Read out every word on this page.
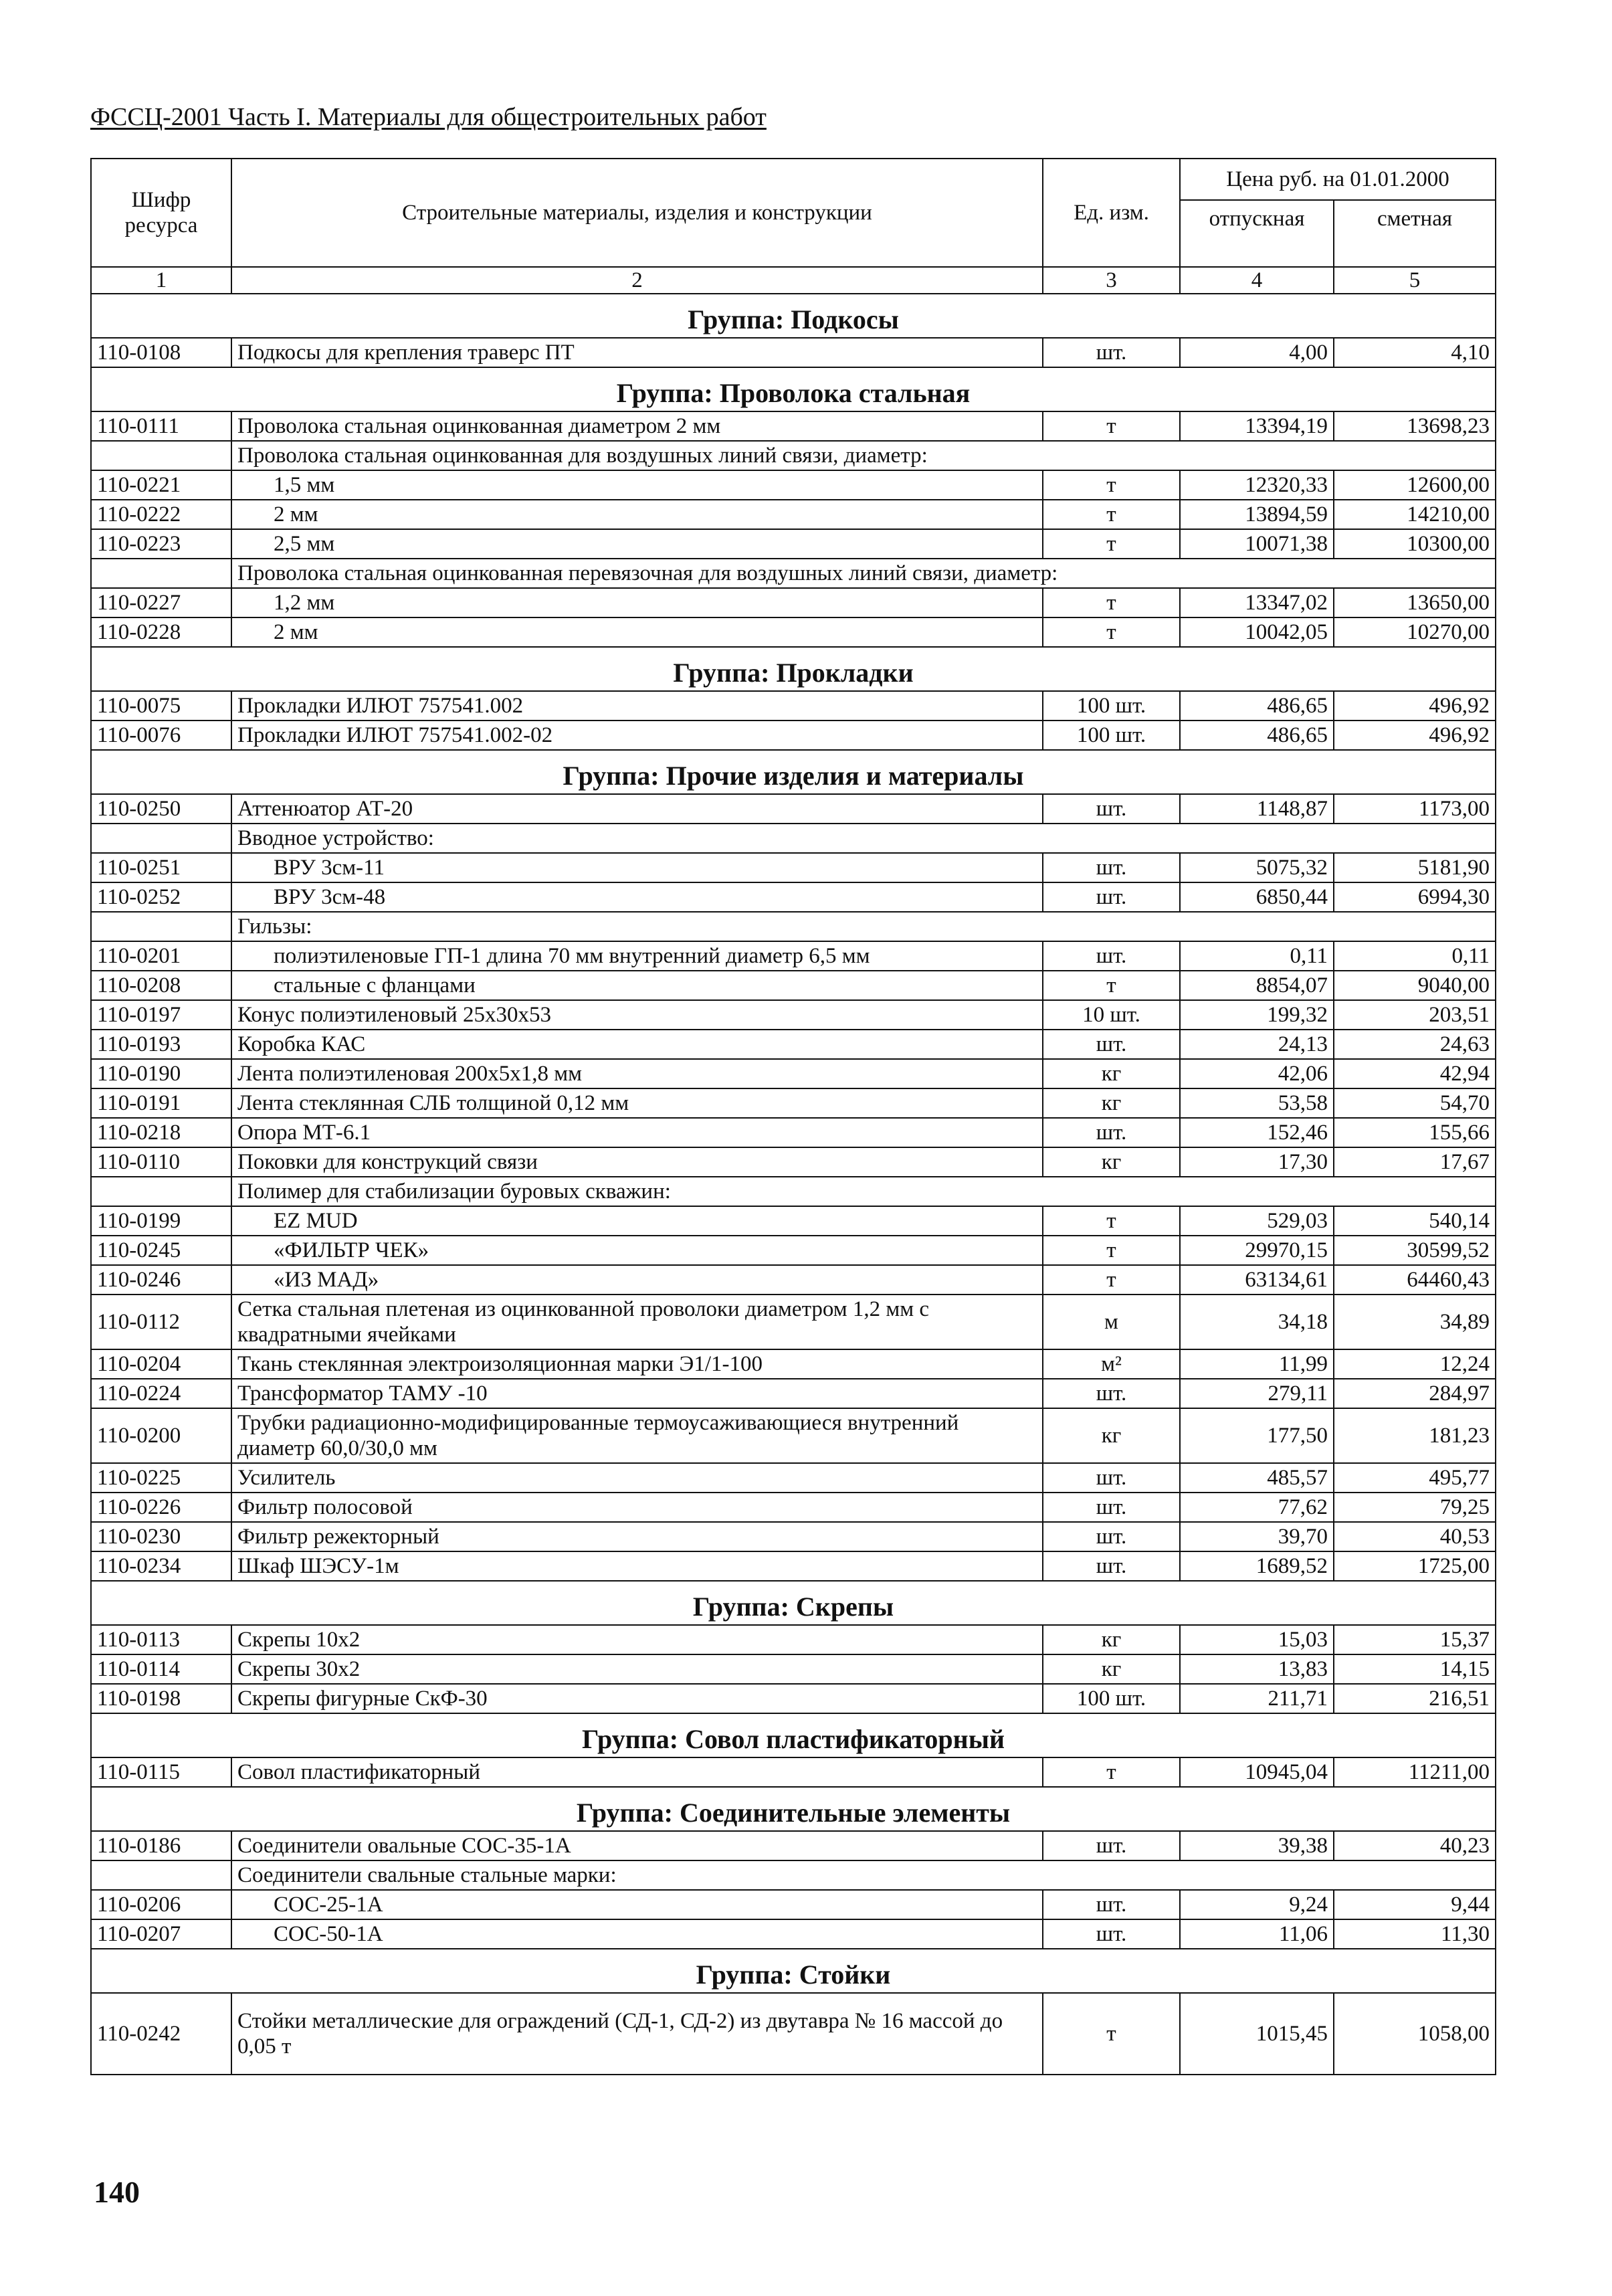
ФССЦ-2001 Часть I. Материалы для общестроительных работ
Шифр ресурса	Строительные материалы, изделия и конструкции	Ед. изм.	Цена руб. на 01.01.2000	
			отпускная	сметная
1	2	3	4	5
Группа: Подкосы				
110-0108	Подкосы для крепления траверс ПТ	шт.	4,00	4,10
Группа: Проволока стальная				
110-0111	Проволока стальная оцинкованная диаметром 2 мм	т	13394,19	13698,23
	Проволока стальная оцинкованная для воздушных линий связи, диаметр:			
110-0221	1,5 мм	т	12320,33	12600,00
110-0222	2 мм	т	13894,59	14210,00
110-0223	2,5 мм	т	10071,38	10300,00
	Проволока стальная оцинкованная перевязочная для воздушных линий связи, диаметр:			
110-0227	1,2 мм	т	13347,02	13650,00
110-0228	2 мм	т	10042,05	10270,00
Группа: Прокладки				
110-0075	Прокладки ИЛЮТ 757541.002	100 шт.	486,65	496,92
110-0076	Прокладки ИЛЮТ 757541.002-02	100 шт.	486,65	496,92
Группа: Прочие изделия и материалы				
110-0250	Аттенюатор АТ-20	шт.	1148,87	1173,00
	Вводное устройство:			
110-0251	ВРУ 3см-11	шт.	5075,32	5181,90
110-0252	ВРУ 3см-48	шт.	6850,44	6994,30
	Гильзы:			
110-0201	полиэтиленовые ГП-1 длина 70 мм внутренний диаметр 6,5 мм	шт.	0,11	0,11
110-0208	стальные с фланцами	т	8854,07	9040,00
110-0197	Конус полиэтиленовый 25х30х53	10 шт.	199,32	203,51
110-0193	Коробка КАС	шт.	24,13	24,63
110-0190	Лента полиэтиленовая 200х5х1,8 мм	кг	42,06	42,94
110-0191	Лента стеклянная СЛБ толщиной 0,12 мм	кг	53,58	54,70
110-0218	Опора МТ-6.1	шт.	152,46	155,66
110-0110	Поковки для конструкций связи	кг	17,30	17,67
	Полимер для стабилизации буровых скважин:			
110-0199	EZ MUD	т	529,03	540,14
110-0245	«ФИЛЬТР ЧЕК»	т	29970,15	30599,52
110-0246	«ИЗ МАД»	т	63134,61	64460,43
110-0112	Сетка стальная плетеная из оцинкованной проволоки диаметром 1,2 мм с квадратными ячейками	м	34,18	34,89
110-0204	Ткань стеклянная электроизоляционная марки Э1/1-100	м²	11,99	12,24
110-0224	Трансформатор ТАМУ -10	шт.	279,11	284,97
110-0200	Трубки радиационно-модифицированные термоусаживающиеся внутренний диаметр 60,0/30,0 мм	кг	177,50	181,23
110-0225	Усилитель	шт.	485,57	495,77
110-0226	Фильтр полосовой	шт.	77,62	79,25
110-0230	Фильтр режекторный	шт.	39,70	40,53
110-0234	Шкаф ШЭСУ-1м	шт.	1689,52	1725,00
Группа: Скрепы				
110-0113	Скрепы 10х2	кг	15,03	15,37
110-0114	Скрепы 30х2	кг	13,83	14,15
110-0198	Скрепы фигурные СкФ-30	100 шт.	211,71	216,51
Группа: Совол пластификаторный				
110-0115	Совол пластификаторный	т	10945,04	11211,00
Группа: Соединительные элементы				
110-0186	Соединители овальные СОС-35-1А	шт.	39,38	40,23
	Соединители свальные стальные марки:			
110-0206	СОС-25-1А	шт.	9,24	9,44
110-0207	СОС-50-1А	шт.	11,06	11,30
Группа: Стойки				
110-0242	Стойки металлические для ограждений (СД-1, СД-2) из двутавра № 16 массой до 0,05 т	т	1015,45	1058,00
140
